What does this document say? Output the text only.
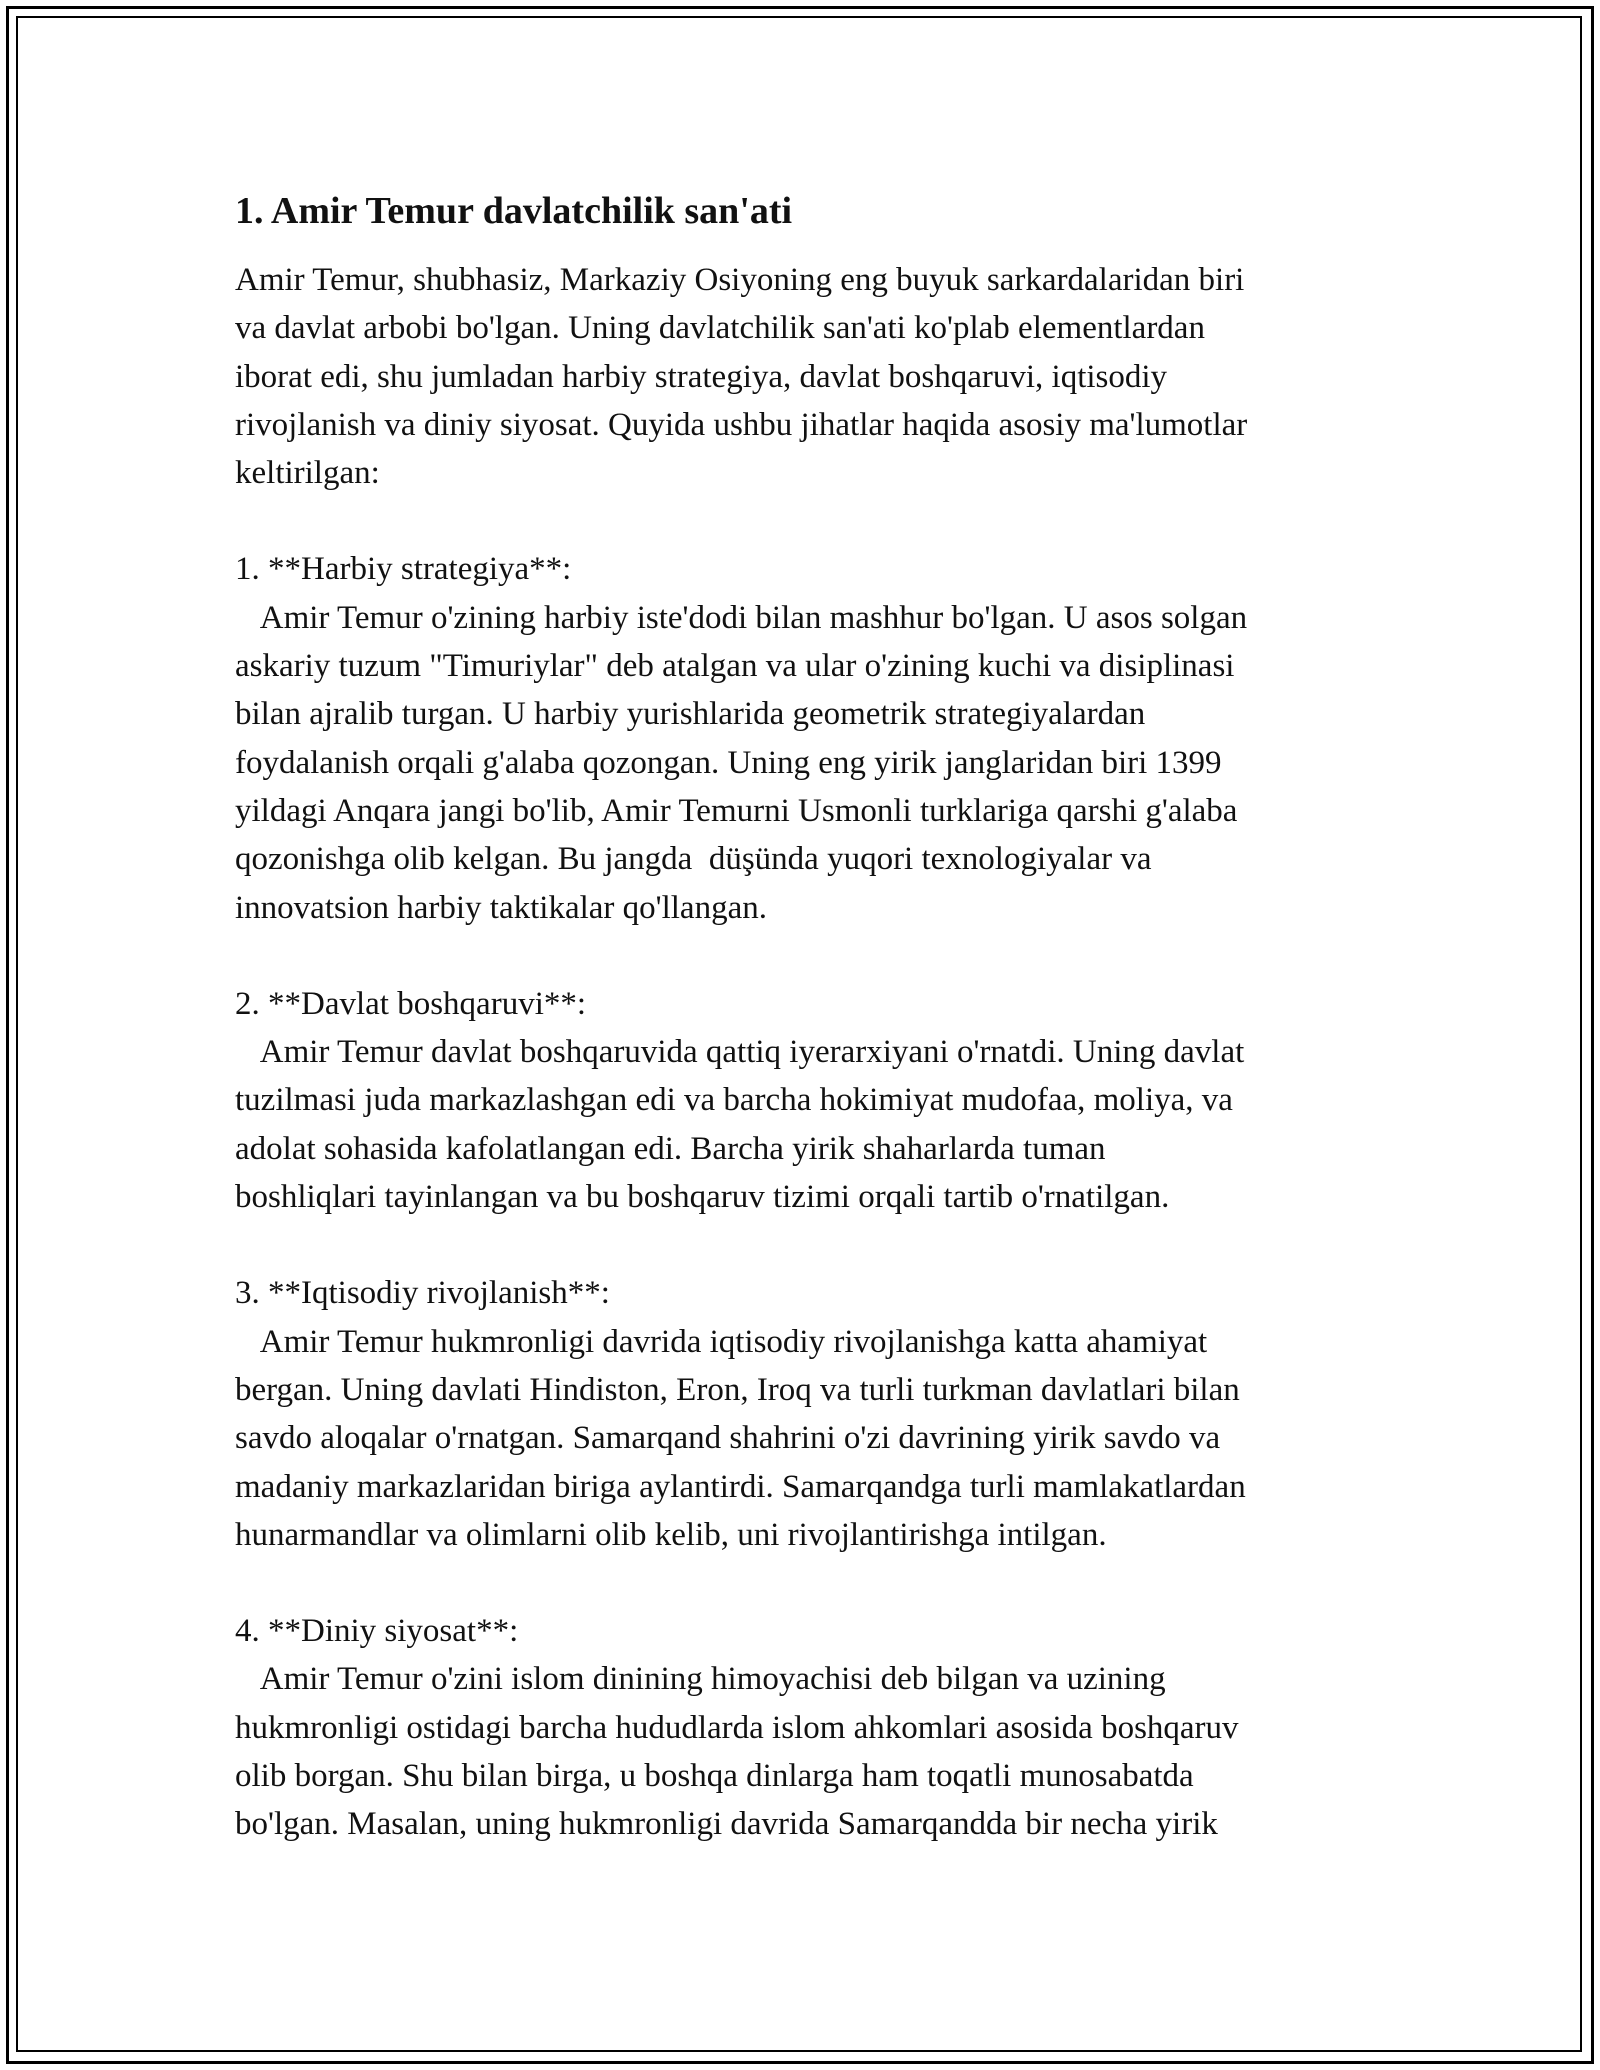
1. Amir Temur davlatchilik san'ati

Amir Temur, shubhasiz, Markaziy Osiyoning eng buyuk sarkardalaridan biri
va davlat arbobi bo'lgan. Uning davlatchilik san'ati ko'plab elementlardan
iborat edi, shu jumladan harbiy strategiya, davlat boshqaruvi, iqtisodiy
rivojlanish va diniy siyosat. Quyida ushbu jihatlar haqida asosiy ma'lumotlar
keltirilgan:

1. **Harbiy strategiya**:

Amir Temur o'zining harbiy iste'dodi bilan mashhur bo'lgan. U asos solgan
askariy tuzum "Timuriylar" deb atalgan va ular o'zining kuchi va disiplinasi
bilan ajralib turgan. U harbiy yurishlarida geometrik strategiyalardan
foydalanish orqali g'alaba qozongan. Uning eng yirik janglaridan biri 1399
yildagi Anqara jangi bo'lib, Amir Temurni Usmonli turklariga qarshi g'alaba
qozonishga olib kelgan. Bu jangda  düşünda yuqori texnologiyalar va
innovatsion harbiy taktikalar qo'llangan.

2. **Davlat boshqaruvi**:

Amir Temur davlat boshqaruvida qattiq iyerarxiyani o'rnatdi. Uning davlat
tuzilmasi juda markazlashgan edi va barcha hokimiyat mudofaa, moliya, va
adolat sohasida kafolatlangan edi. Barcha yirik shaharlarda tuman
boshliqlari tayinlangan va bu boshqaruv tizimi orqali tartib o'rnatilgan.

3. **Iqtisodiy rivojlanish**:

Amir Temur hukmronligi davrida iqtisodiy rivojlanishga katta ahamiyat
bergan. Uning davlati Hindiston, Eron, Iroq va turli turkman davlatlari bilan
savdo aloqalar o'rnatgan. Samarqand shahrini o'zi davrining yirik savdo va
madaniy markazlaridan biriga aylantirdi. Samarqandga turli mamlakatlardan
hunarmandlar va olimlarni olib kelib, uni rivojlantirishga intilgan.

4. **Diniy siyosat**:

Amir Temur o'zini islom dinining himoyachisi deb bilgan va uzining
hukmronligi ostidagi barcha hududlarda islom ahkomlari asosida boshqaruv
olib borgan. Shu bilan birga, u boshqa dinlarga ham toqatli munosabatda
bo'lgan. Masalan, uning hukmronligi davrida Samarqandda bir necha yirik
